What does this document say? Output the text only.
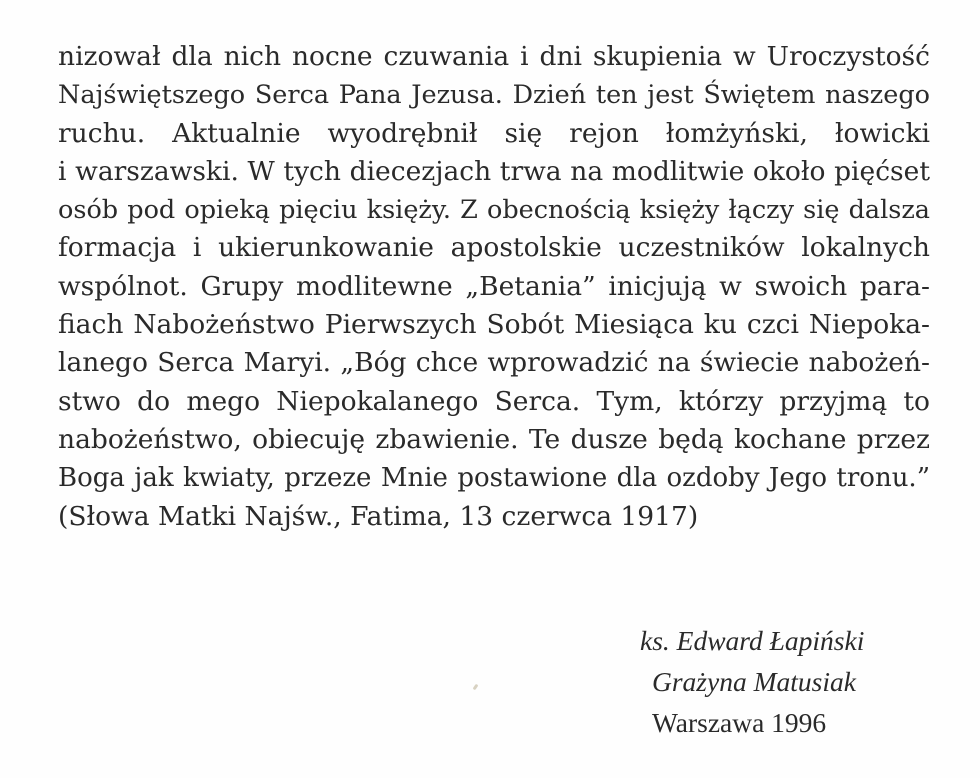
nizował dla nich nocne czuwania i dni skupienia w Uroczystość
Najświętszego Serca Pana Jezusa. Dzień ten jest Świętem naszego
ruchu. Aktualnie wyodrębnił się rejon łomżyński, łowicki
i warszawski. W tych diecezjach trwa na modlitwie około pięćset
osób pod opieką pięciu księży. Z obecnością księży łączy się dalsza
formacja i ukierunkowanie apostolskie uczestników lokalnych
wspólnot. Grupy modlitewne „Betania” inicjują w swoich para-
fiach Nabożeństwo Pierwszych Sobót Miesiąca ku czci Niepoka-
lanego Serca Maryi. „Bóg chce wprowadzić na świecie nabożeń-
stwo do mego Niepokalanego Serca. Tym, którzy przyjmą to
nabożeństwo, obiecuję zbawienie. Te dusze będą kochane przez
Boga jak kwiaty, przeze Mnie postawione dla ozdoby Jego tronu.”
(Słowa Matki Najśw., Fatima, 13 czerwca 1917)
ks. Edward Łapiński
Grażyna Matusiak
Warszawa 1996
